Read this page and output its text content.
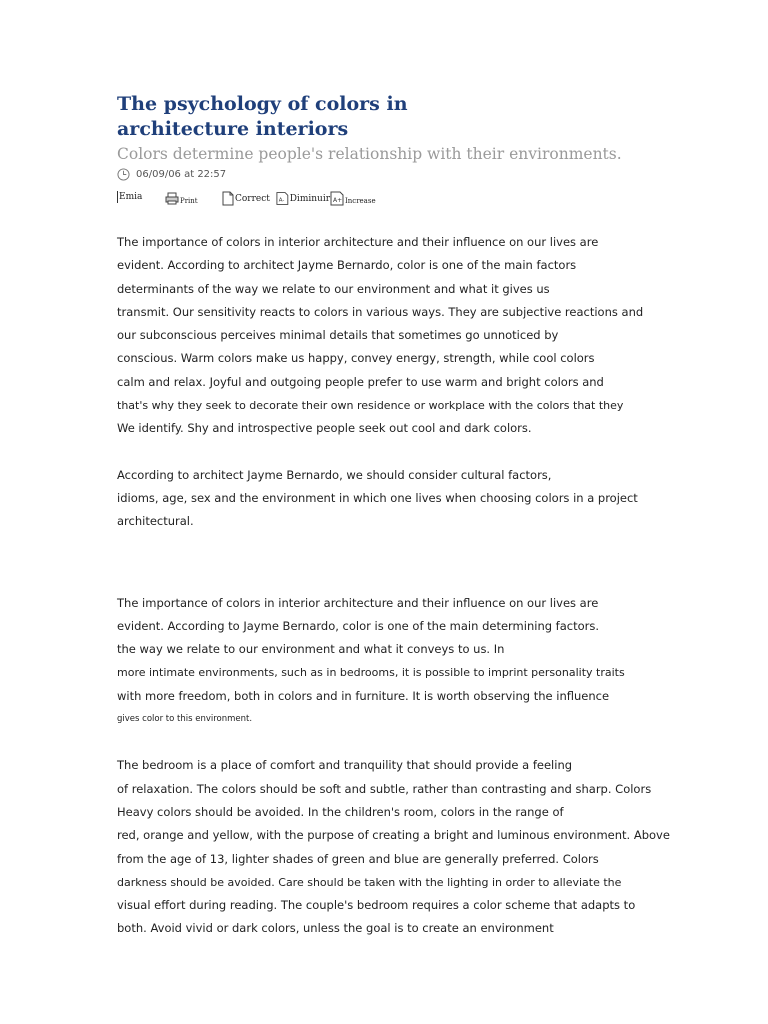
The psychology of colors in architecture interiors
Colors determine people's relationship with their environments.
06/09/06 at 22:57
Emia	Print	Correct A- Diminuir A+ Increase
The importance of colors in interior architecture and their influence on our lives are
evident. According to architect Jayme Bernardo, color is one of the main factors
determinants of the way we relate to our environment and what it gives us
transmit. Our sensitivity reacts to colors in various ways. They are subjective reactions and
our subconscious perceives minimal details that sometimes go unnoticed by
conscious. Warm colors make us happy, convey energy, strength, while cool colors
calm and relax. Joyful and outgoing people prefer to use warm and bright colors and
that's why they seek to decorate their own residence or workplace with the colors that they
We identify. Shy and introspective people seek out cool and dark colors.
According to architect Jayme Bernardo, we should consider cultural factors,
idioms, age, sex and the environment in which one lives when choosing colors in a project
architectural.
The importance of colors in interior architecture and their influence on our lives are
evident. According to Jayme Bernardo, color is one of the main determining factors.
the way we relate to our environment and what it conveys to us. In
more intimate environments, such as in bedrooms, it is possible to imprint personality traits
with more freedom, both in colors and in furniture. It is worth observing the influence
gives color to this environment.
The bedroom is a place of comfort and tranquility that should provide a feeling
of relaxation. The colors should be soft and subtle, rather than contrasting and sharp. Colors
Heavy colors should be avoided. In the children's room, colors in the range of
red, orange and yellow, with the purpose of creating a bright and luminous environment. Above
from the age of 13, lighter shades of green and blue are generally preferred. Colors
darkness should be avoided. Care should be taken with the lighting in order to alleviate the
visual effort during reading. The couple's bedroom requires a color scheme that adapts to
both. Avoid vivid or dark colors, unless the goal is to create an environment
